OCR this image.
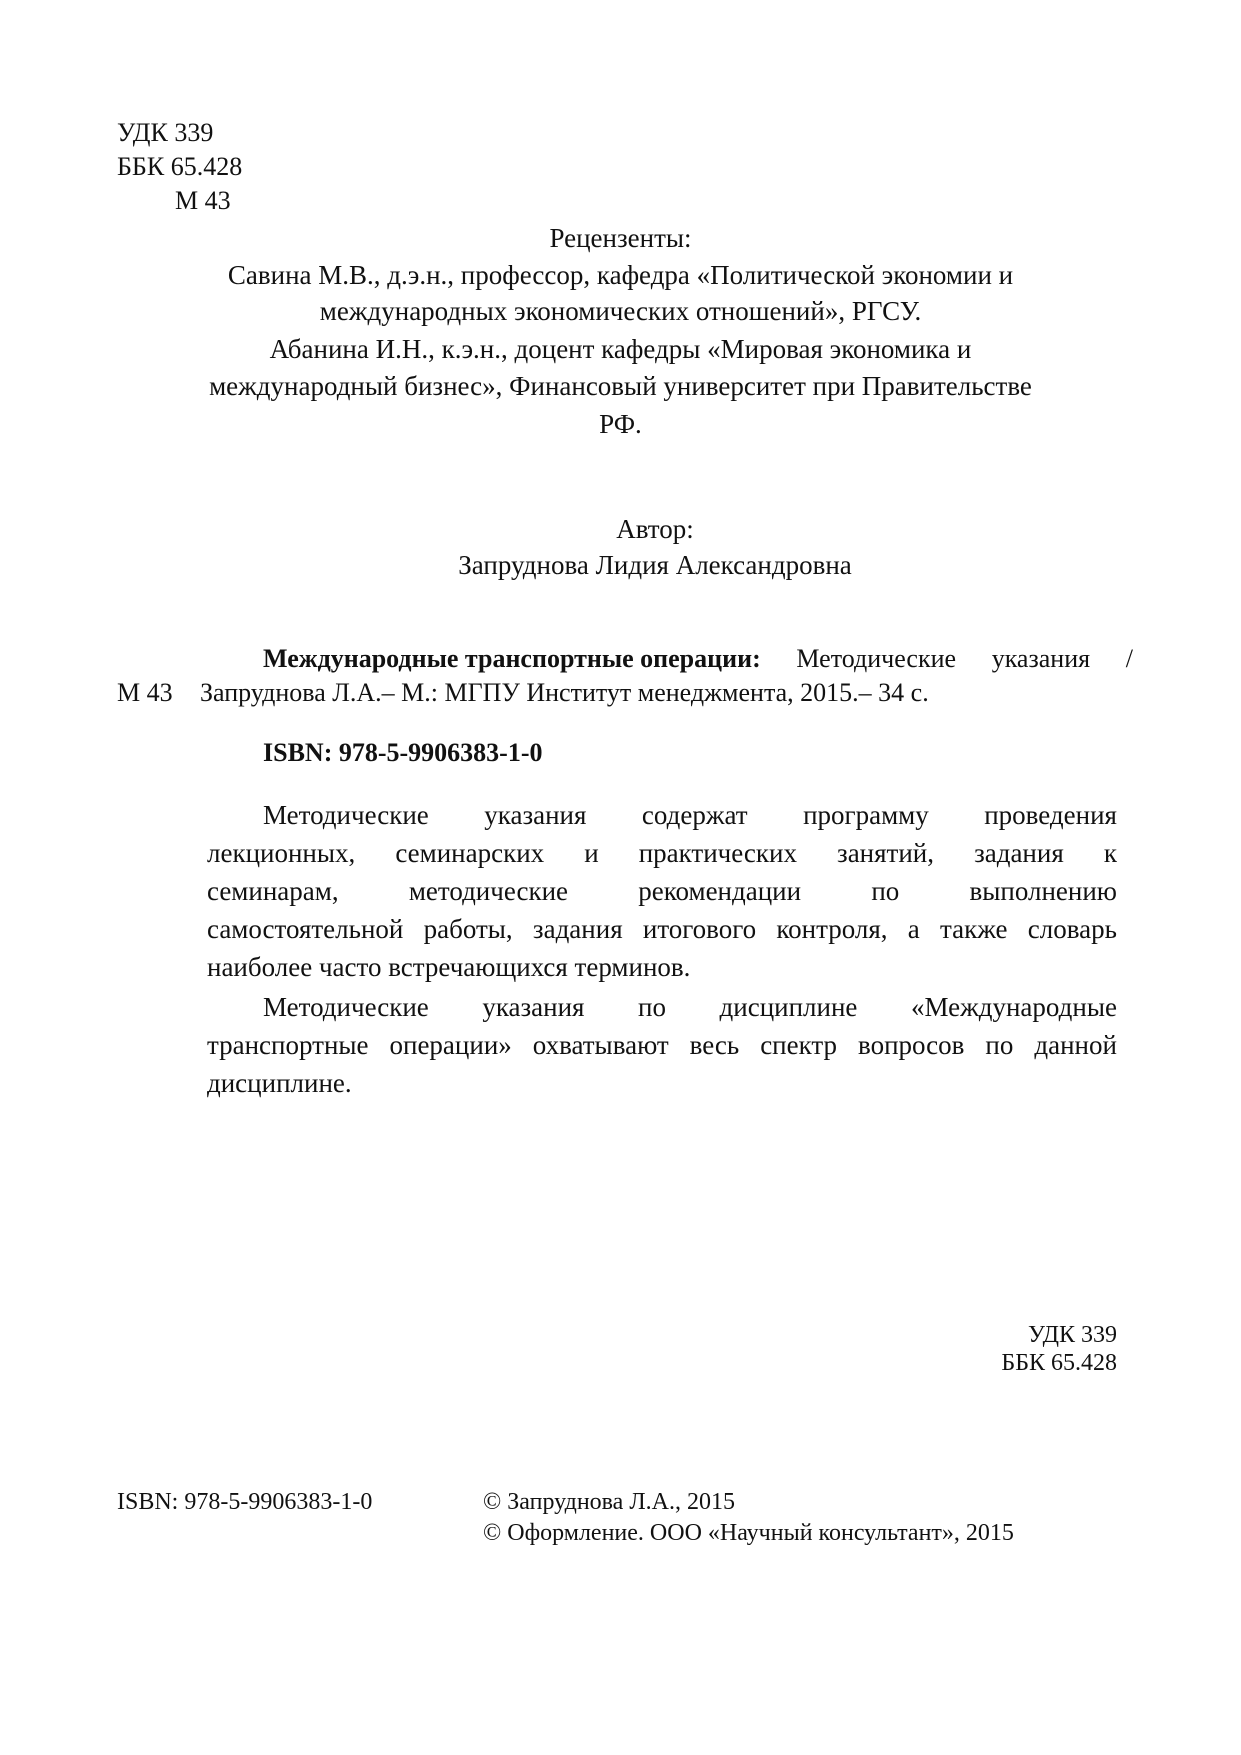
УДК 339
ББК 65.428
М 43
Рецензенты:
Савина М.В., д.э.н., профессор, кафедра «Политической экономии и
международных экономических отношений», РГСУ.
Абанина И.Н., к.э.н., доцент кафедры «Мировая экономика и
международный бизнес», Финансовый университет при Правительстве
РФ.
Автор:
Запруднова Лидия Александровна
Международные транспортные операции: Методические указания /
М 43 Запруднова Л.А.– М.: МГПУ Институт менеджмента, 2015.– 34 с.
ISBN: 978-5-9906383-1-0
Методические указания содержат программу проведения
лекционных, семинарских и практических занятий, задания к
семинарам,	методические	рекомендации	по	выполнению
самостоятельной работы, задания итогового контроля, а также словарь
наиболее часто встречающихся терминов.
Методические указания по дисциплине «Международные
транспортные операции» охватывают весь спектр вопросов по данной
дисциплине.
УДК 339
ББК 65.428
ISBN: 978-5-9906383-1-0	© Запруднова Л.А., 2015
© Оформление. ООО «Научный консультант», 2015
